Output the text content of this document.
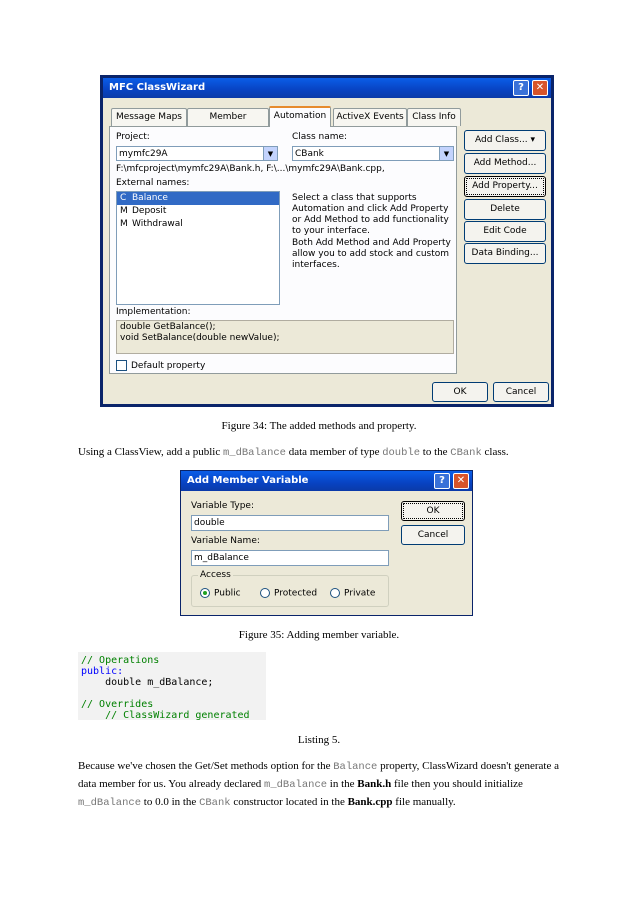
MFC ClassWizard	?	✕
Message Maps	Member	Automation	ActiveX Events Class Info
Project:
mymfc29A	▼
Class name:
CBank	▼
F:\mfcproject\mymfc29A\Bank.h, F:\...\mymfc29A\Bank.cpp,
External names:
C Balance
M Deposit
M Withdrawal
Select a class that supports Automation and click Add Property or Add Method to add functionality to your interface.
Both Add Method and Add Property allow you to add stock and custom interfaces.
Implementation:
double GetBalance();
void SetBalance(double newValue);
Default property
Add Class... ▾
Add Method...
Add Property...
Delete
Edit Code
Data Binding...
OK	Cancel
Figure 34: The added methods and property.
Using a ClassView, add a public m_dBalance data member of type double to the CBank class.
Add Member Variable	?	✕
Variable Type:
double
Variable Name:
m_dBalance
Access
Public	Protected	Private
OK
Cancel
Figure 35: Adding member variable.
// Operations
public:
double m_dBalance;
// Overrides
// ClassWizard generated
Listing 5.
Because we've chosen the Get/Set methods option for the Balance property, ClassWizard doesn't generate a data member for us. You already declared m_dBalance in the Bank.h file then you should initialize m_dBalance to 0.0 in the CBank constructor located in the Bank.cpp file manually.
